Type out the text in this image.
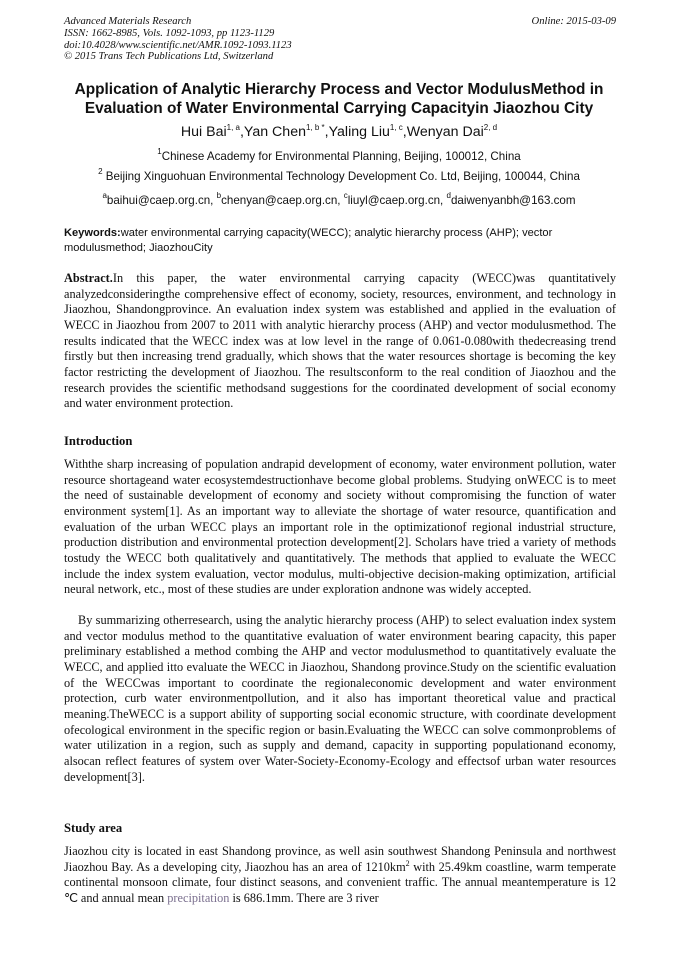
Advanced Materials Research
ISSN: 1662-8985, Vols. 1092-1093, pp 1123-1129
doi:10.4028/www.scientific.net/AMR.1092-1093.1123
© 2015 Trans Tech Publications Ltd, Switzerland
Online: 2015-03-09
Application of Analytic Hierarchy Process and Vector ModulusMethod in
Evaluation of Water Environmental Carrying Capacityin Jiaozhou City
Hui Bai$^{1, a}$,Yan Chen$^{1, b *}$,Yaling Liu$^{1, c}$,Wenyan Dai$^{2, d}$
$^1$Chinese Academy for Environmental Planning, Beijing, 100012, China
$^2$ Beijing Xinguohuan Environmental Technology Development Co. Ltd, Beijing, 100044, China
$^a$baihui@caep.org.cn, $^b$chenyan@caep.org.cn, $^c$liuyl@caep.org.cn, $^d$daiwenyanbh@163.com
Keywords:water environmental carrying capacity(WECC); analytic hierarchy process (AHP); vector modulusmethod; JiaozhouCity
Abstract.In this paper, the water environmental carrying capacity (WECC)was quantitatively analyzedconsideringthe comprehensive effect of economy, society, resources, environment, and technology in Jiaozhou, Shandongprovince. An evaluation index system was established and applied in the evaluation of WECC in Jiaozhou from 2007 to 2011 with analytic hierarchy process (AHP) and vector modulusmethod. The results indicated that the WECC index was at low level in the range of 0.061-0.080with thedecreasing trend firstly but then increasing trend gradually, which shows that the water resources shortage is becoming the key factor restricting the development of Jiaozhou. The resultsconform to the real condition of Jiaozhou and the research provides the scientific methodsand suggestions for the coordinated development of social economy and water environment protection.
Introduction
Withthe sharp increasing of population andrapid development of economy, water environment pollution, water resource shortageand water ecosystemdestructionhave become global problems. Studying onWECC is to meet the need of sustainable development of economy and society without compromising the function of water environment system[1]. As an important way to alleviate the shortage of water resource, quantification and evaluation of the urban WECC plays an important role in the optimizationof regional industrial structure, production distribution and environmental protection development[2]. Scholars have tried a variety of methods tostudy the WECC both qualitatively and quantitatively. The methods that applied to evaluate the WECC include the index system evaluation, vector modulus, multi-objective decision-making optimization, artificial neural network, etc., most of these studies are under exploration andnone was widely accepted.
By summarizing otherresearch, using the analytic hierarchy process (AHP) to select evaluation index system and vector modulus method to the quantitative evaluation of water environment bearing capacity, this paper preliminary established a method combing the AHP and vector modulusmethod to quantitatively evaluate the WECC, and applied itto evaluate the WECC in Jiaozhou, Shandong province.Study on the scientific evaluation of the WECCwas important to coordinate the regionaleconomic development and water environment protection, curb water environmentpollution, and it also has important theoretical value and practical meaning.TheWECC is a support ability of supporting social economic structure, with coordinate development ofecological environment in the specific region or basin.Evaluating the WECC can solve commonproblems of water utilization in a region, such as supply and demand, capacity in supporting populationand economy, alsocan reflect features of system over Water-Society-Economy-Ecology and effectsof urban water resources development[3].
Study area
Jiaozhou city is located in east Shandong province, as well asin southwest Shandong Peninsula and northwest Jiaozhou Bay. As a developing city, Jiaozhou has an area of $1210km^2$ with 25.49km coastline, warm temperate continental monsoon climate, four distinct seasons, and convenient traffic. The annual meantemperature is 12 ℃ and annual mean precipitation is 686.1mm. There are 3 river
